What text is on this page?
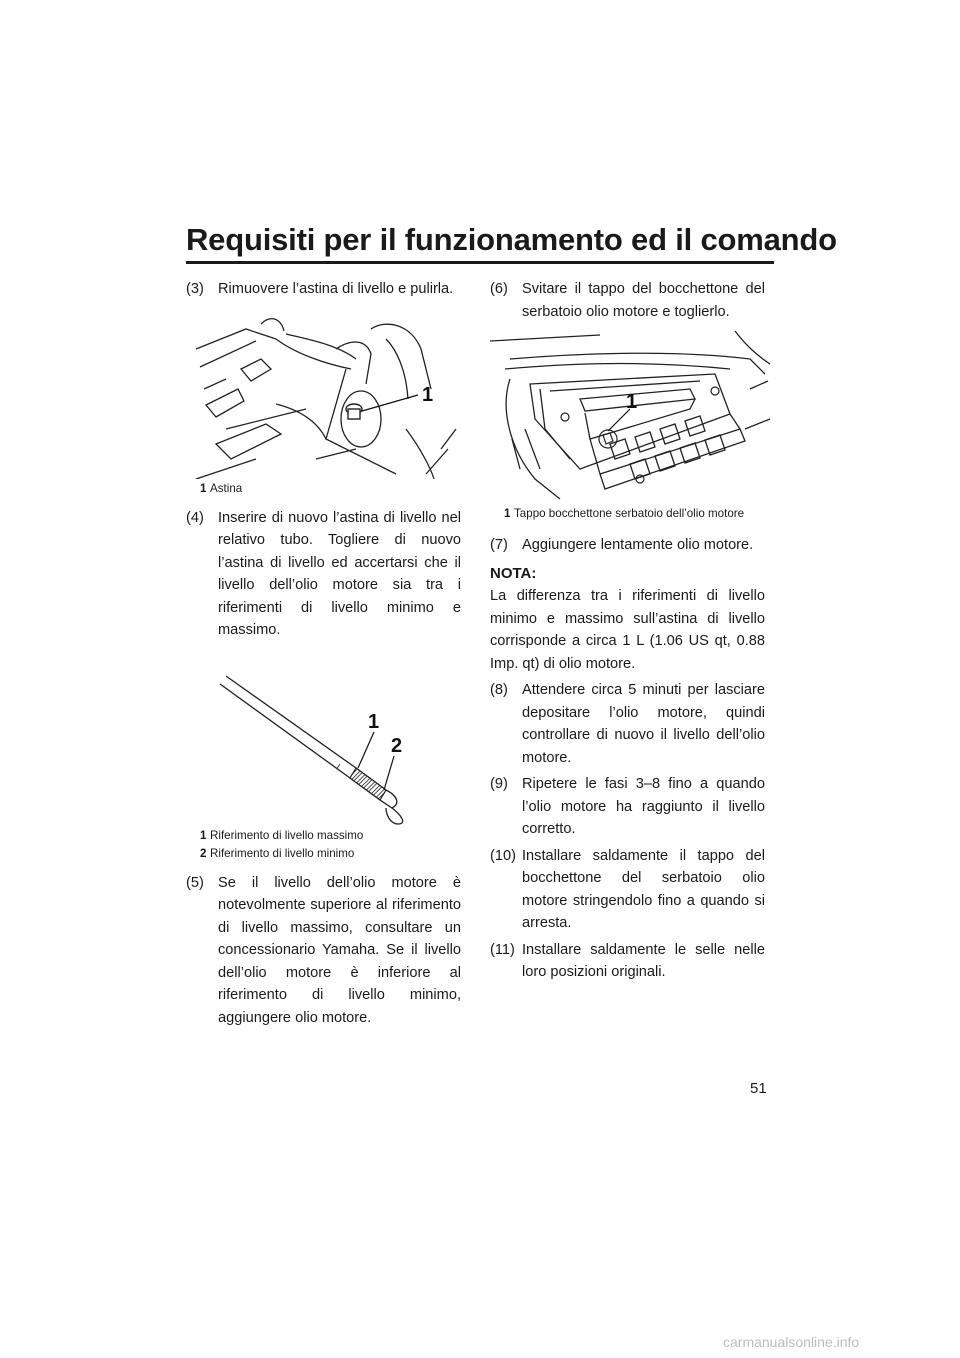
Requisiti per il funzionamento ed il comando

(3) Rimuovere l’astina di livello e pulirla.

1
1 Astina

(4) Inserire di nuovo l’astina di livello nel relativo tubo. Togliere di nuovo l’astina di livello ed accertarsi che il livello dell’olio motore sia tra i riferimenti di livello minimo e massimo.

L
1
2
1 Riferimento di livello massimo
2 Riferimento di livello minimo

(5) Se il livello dell’olio motore è notevolmente superiore al riferimento di livello massimo, consultare un concessionario Yamaha. Se il livello dell’olio motore è inferiore al riferimento di livello minimo, aggiungere olio motore.

(6) Svitare il tappo del bocchettone del serbatoio olio motore e toglierlo.

1
1 Tappo bocchettone serbatoio dell’olio motore

(7) Aggiungere lentamente olio motore.

NOTA:

La differenza tra i riferimenti di livello minimo e massimo sull’astina di livello corrisponde a circa 1 L (1.06 US qt, 0.88 Imp. qt) di olio motore.

(8) Attendere circa 5 minuti per lasciare depositare l’olio motore, quindi controllare di nuovo il livello dell’olio motore.

(9) Ripetere le fasi 3–8 fino a quando l’olio motore ha raggiunto il livello corretto.

(10) Installare saldamente il tappo del bocchettone del serbatoio olio motore stringendolo fino a quando si arresta.

(11) Installare saldamente le selle nelle loro posizioni originali.

51
carmanualsonline.info
